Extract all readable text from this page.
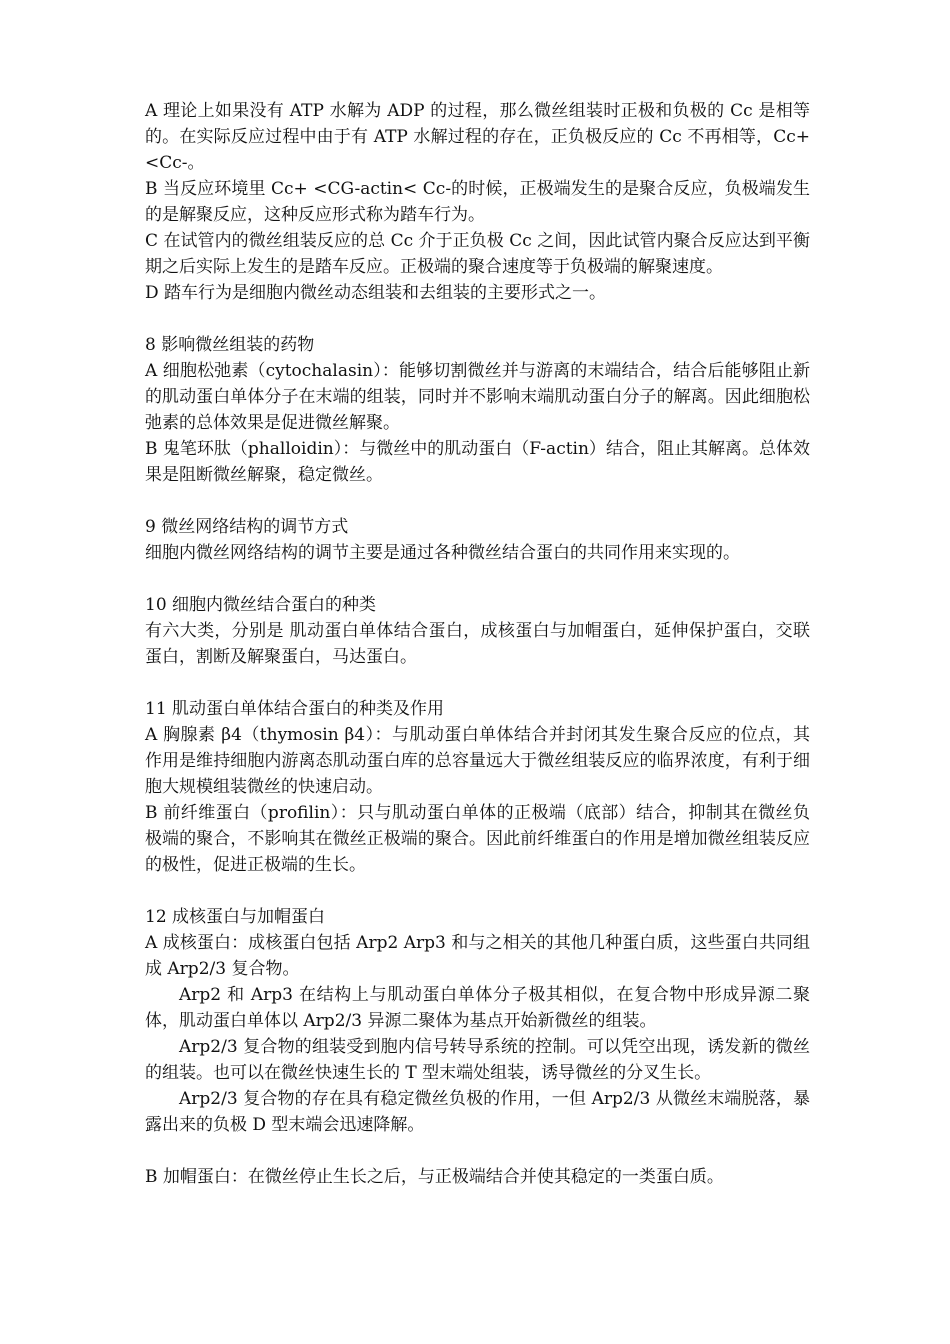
A 理论上如果没有 ATP 水解为 ADP 的过程，那么微丝组装时正极和负极的 Cc 是相等的。在实际反应过程中由于有 ATP 水解过程的存在，正负极反应的 Cc 不再相等，Cc+<Cc-。

B 当反应环境里 Cc+ <CG-actin< Cc-的时候，正极端发生的是聚合反应，负极端发生的是解聚反应，这种反应形式称为踏车行为。

C 在试管内的微丝组装反应的总 Cc 介于正负极 Cc 之间，因此试管内聚合反应达到平衡期之后实际上发生的是踏车反应。正极端的聚合速度等于负极端的解聚速度。

D 踏车行为是细胞内微丝动态组装和去组装的主要形式之一。

8 影响微丝组装的药物

A 细胞松弛素（cytochalasin）：能够切割微丝并与游离的末端结合，结合后能够阻止新的肌动蛋白单体分子在末端的组装，同时并不影响末端肌动蛋白分子的解离。因此细胞松弛素的总体效果是促进微丝解聚。

B 鬼笔环肽（phalloidin）：与微丝中的肌动蛋白（F-actin）结合，阻止其解离。总体效果是阻断微丝解聚，稳定微丝。

9 微丝网络结构的调节方式

细胞内微丝网络结构的调节主要是通过各种微丝结合蛋白的共同作用来实现的。

10 细胞内微丝结合蛋白的种类

有六大类，分别是 肌动蛋白单体结合蛋白，成核蛋白与加帽蛋白，延伸保护蛋白，交联蛋白，割断及解聚蛋白，马达蛋白。

11 肌动蛋白单体结合蛋白的种类及作用

A 胸腺素 β4（thymosin β4）：与肌动蛋白单体结合并封闭其发生聚合反应的位点，其作用是维持细胞内游离态肌动蛋白库的总容量远大于微丝组装反应的临界浓度，有利于细胞大规模组装微丝的快速启动。

B 前纤维蛋白（profilin）：只与肌动蛋白单体的正极端（底部）结合，抑制其在微丝负极端的聚合，不影响其在微丝正极端的聚合。因此前纤维蛋白的作用是增加微丝组装反应的极性，促进正极端的生长。

12 成核蛋白与加帽蛋白

A 成核蛋白：成核蛋白包括 Arp2 Arp3 和与之相关的其他几种蛋白质，这些蛋白共同组成 Arp2/3 复合物。

Arp2 和 Arp3 在结构上与肌动蛋白单体分子极其相似，在复合物中形成异源二聚体，肌动蛋白单体以 Arp2/3 异源二聚体为基点开始新微丝的组装。

Arp2/3 复合物的组装受到胞内信号转导系统的控制。可以凭空出现，诱发新的微丝的组装。也可以在微丝快速生长的 T 型末端处组装，诱导微丝的分叉生长。

Arp2/3 复合物的存在具有稳定微丝负极的作用，一但 Arp2/3 从微丝末端脱落，暴露出来的负极 D 型末端会迅速降解。

B 加帽蛋白：在微丝停止生长之后，与正极端结合并使其稳定的一类蛋白质。
